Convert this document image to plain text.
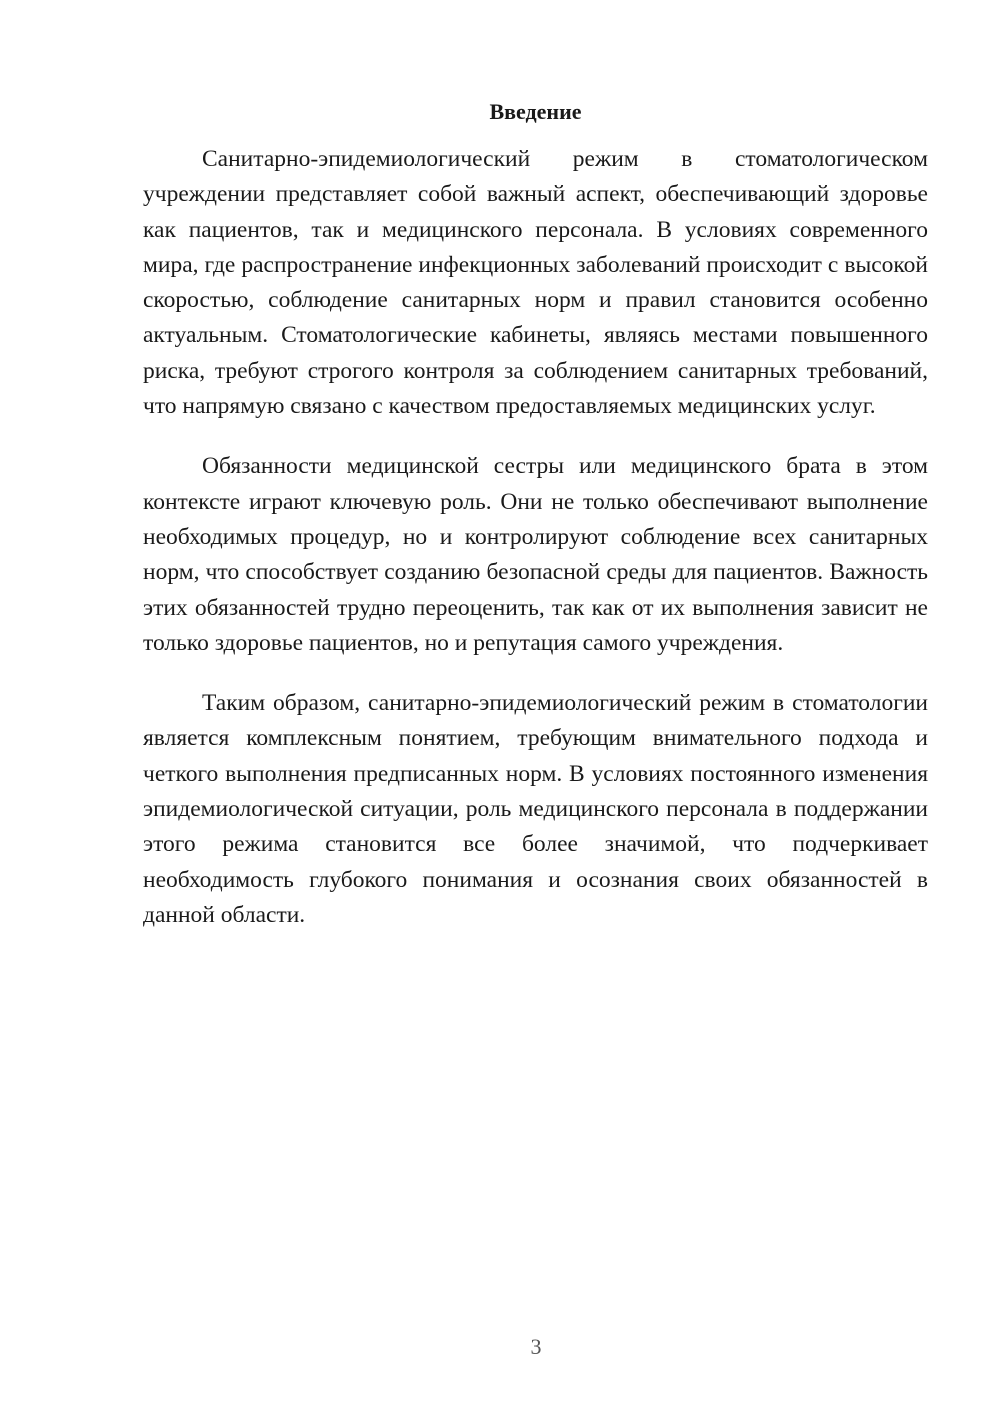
Введение

Санитарно-эпидемиологический режим в стоматологическом учреждении представляет собой важный аспект, обеспечивающий здоровье как пациентов, так и медицинского персонала. В условиях современного мира, где распространение инфекционных заболеваний происходит с высокой скоростью, соблюдение санитарных норм и правил становится особенно актуальным. Стоматологические кабинеты, являясь местами повышенного риска, требуют строгого контроля за соблюдением санитарных требований, что напрямую связано с качеством предоставляемых медицинских услуг.

Обязанности медицинской сестры или медицинского брата в этом контексте играют ключевую роль. Они не только обеспечивают выполнение необходимых процедур, но и контролируют соблюдение всех санитарных норм, что способствует созданию безопасной среды для пациентов. Важность этих обязанностей трудно переоценить, так как от их выполнения зависит не только здоровье пациентов, но и репутация самого учреждения.

Таким образом, санитарно-эпидемиологический режим в стоматологии является комплексным понятием, требующим внимательного подхода и четкого выполнения предписанных норм. В условиях постоянного изменения эпидемиологической ситуации, роль медицинского персонала в поддержании этого режима становится все более значимой, что подчеркивает необходимость глубокого понимания и осознания своих обязанностей в данной области.

3
